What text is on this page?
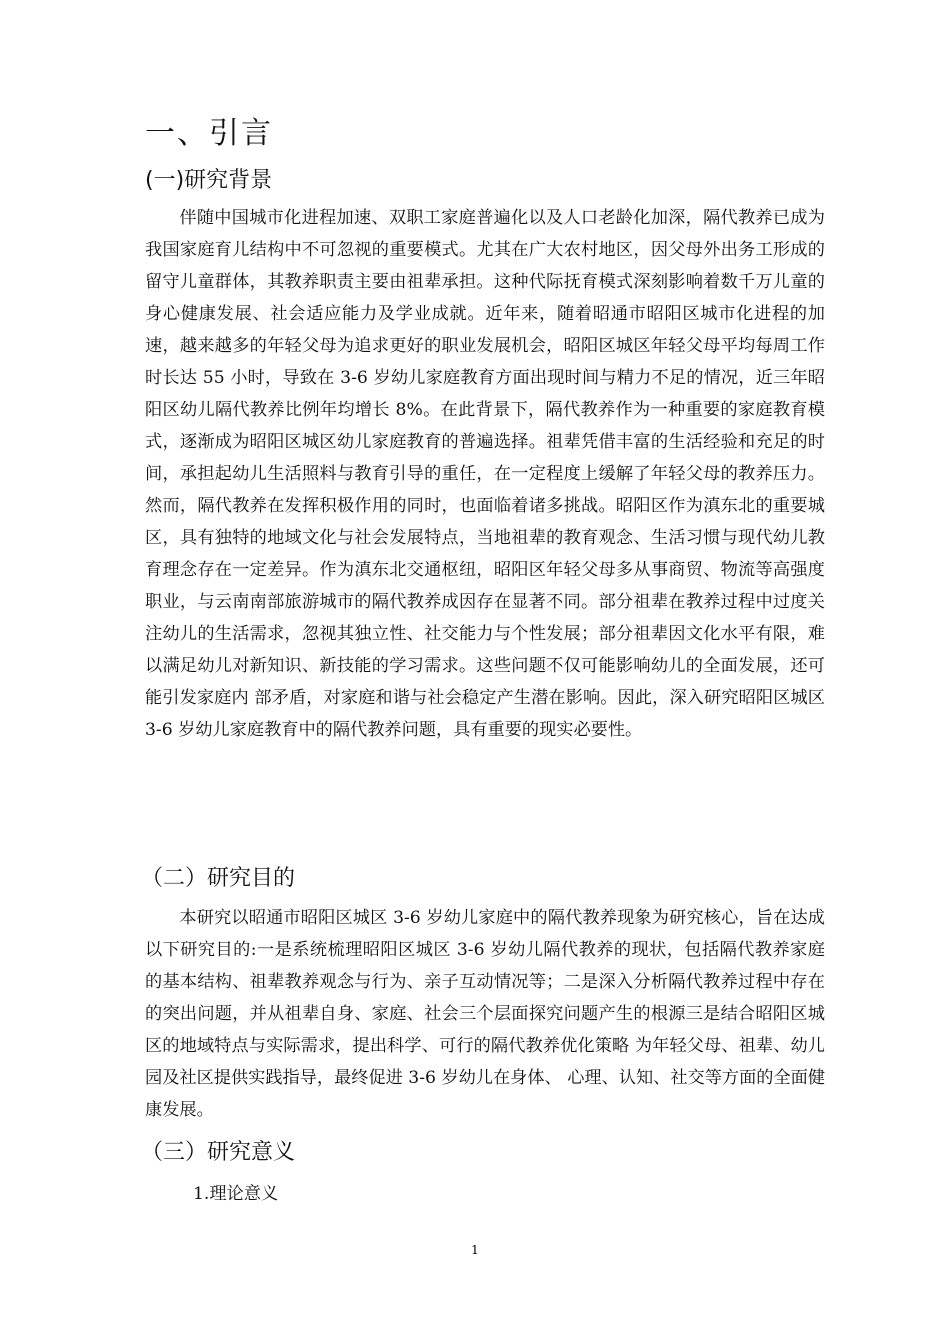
一、引言
(一)研究背景

伴随中国城市化进程加速、双职工家庭普遍化以及人口老龄化加深，隔代教养已成为我国家庭育儿结构中不可忽视的重要模式。尤其在广大农村地区，因父母外出务工形成的留守儿童群体，其教养职责主要由祖辈承担。这种代际抚育模式深刻影响着数千万儿童的身心健康发展、社会适应能力及学业成就。近年来，随着昭通市昭阳区城市化进程的加速，越来越多的年轻父母为追求更好的职业发展机会，昭阳区城区年轻父母平均每周工作时长达 55 小时，导致在 3-6 岁幼儿家庭教育方面出现时间与精力不足的情况，近三年昭阳区幼儿隔代教养比例年均增长 8%。在此背景下，隔代教养作为一种重要的家庭教育模式，逐渐成为昭阳区城区幼儿家庭教育的普遍选择。祖辈凭借丰富的生活经验和充足的时间，承担起幼儿生活照料与教育引导的重任，在一定程度上缓解了年轻父母的教养压力。然而，隔代教养在发挥积极作用的同时，也面临着诸多挑战。昭阳区作为滇东北的重要城区，具有独特的地域文化与社会发展特点，当地祖辈的教育观念、生活习惯与现代幼儿教育理念存在一定差异。作为滇东北交通枢纽，昭阳区年轻父母多从事商贸、物流等高强度职业，与云南南部旅游城市的隔代教养成因存在显著不同。部分祖辈在教养过程中过度关注幼儿的生活需求，忽视其独立性、社交能力与个性发展；部分祖辈因文化水平有限，难以满足幼儿对新知识、新技能的学习需求。这些问题不仅可能影响幼儿的全面发展，还可能引发家庭内 部矛盾，对家庭和谐与社会稳定产生潜在影响。因此，深入研究昭阳区城区 3-6 岁幼儿家庭教育中的隔代教养问题，具有重要的现实必要性。

（二）研究目的

本研究以昭通市昭阳区城区 3-6 岁幼儿家庭中的隔代教养现象为研究核心，旨在达成以下研究目的:一是系统梳理昭阳区城区 3-6 岁幼儿隔代教养的现状，包括隔代教养家庭的基本结构、祖辈教养观念与行为、亲子互动情况等；二是深入分析隔代教养过程中存在的突出问题，并从祖辈自身、家庭、社会三个层面探究问题产生的根源三是结合昭阳区城区的地域特点与实际需求，提出科学、可行的隔代教养优化策略 为年轻父母、祖辈、幼儿园及社区提供实践指导，最终促进 3-6 岁幼儿在身体、 心理、认知、社交等方面的全面健康发展。

（三）研究意义

1.理论意义

1
